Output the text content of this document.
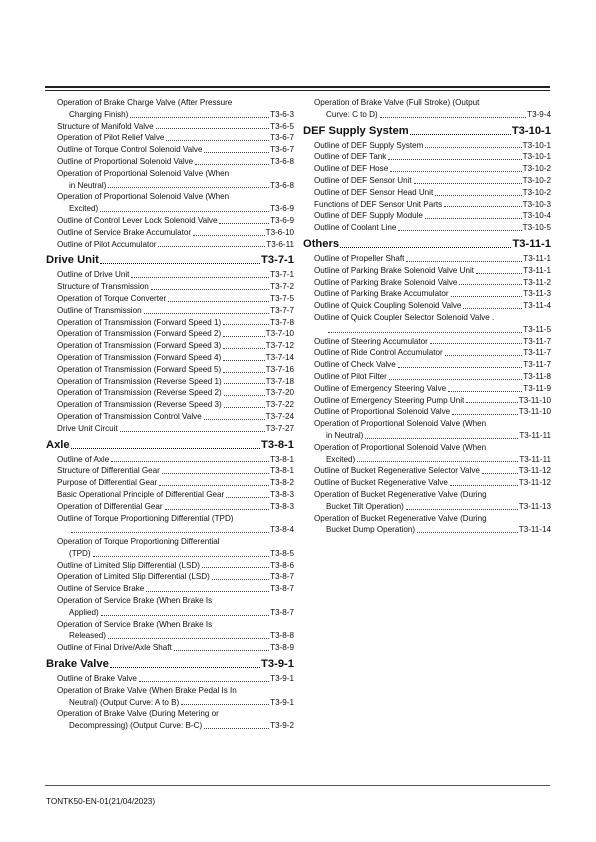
Operation of Brake Charge Valve (After Pressure
Charging Finish)	T3-6-3
Structure of Manifold Valve	T3-6-5
Operation of Pilot Relief Valve	T3-6-7
Outline of Torque Control Solenoid Valve	T3-6-7
Outline of Proportional Solenoid Valve	T3-6-8
Operation of Proportional Solenoid Valve (When
in Neutral)	T3-6-8
Operation of Proportional Solenoid Valve (When
Excited)	T3-6-9
Outline of Control Lever Lock Solenoid Valve	T3-6-9
Outline of Service Brake Accumulator	T3-6-10
Outline of Pilot Accumulator	T3-6-11
Drive Unit	T3-7-1
Outline of Drive Unit	T3-7-1
Structure of Transmission	T3-7-2
Operation of Torque Converter	T3-7-5
Outline of Transmission	T3-7-7
Operation of Transmission (Forward Speed 1)	T3-7-8
Operation of Transmission (Forward Speed 2)	T3-7-10
Operation of Transmission (Forward Speed 3)	T3-7-12
Operation of Transmission (Forward Speed 4)	T3-7-14
Operation of Transmission (Forward Speed 5)	T3-7-16
Operation of Transmission (Reverse Speed 1)	T3-7-18
Operation of Transmission (Reverse Speed 2)	T3-7-20
Operation of Transmission (Reverse Speed 3)	T3-7-22
Operation of Transmission Control Valve	T3-7-24
Drive Unit Circuit	T3-7-27
Axle	T3-8-1
Outline of Axle	T3-8-1
Structure of Differential Gear	T3-8-1
Purpose of Differential Gear	T3-8-2
Basic Operational Principle of Differential Gear	T3-8-3
Operation of Differential Gear	T3-8-3
Outline of Torque Proportioning Differential (TPD)
T3-8-4
Operation of Torque Proportioning Differential
(TPD)	T3-8-5
Outline of Limited Slip Differential (LSD)	T3-8-6
Operation of Limited Slip Differential (LSD)	T3-8-7
Outline of Service Brake	T3-8-7
Operation of Service Brake (When Brake Is
Applied)	T3-8-7
Operation of Service Brake (When Brake Is
Released)	T3-8-8
Outline of Final Drive/Axle Shaft	T3-8-9
Brake Valve	T3-9-1
Outline of Brake Valve	T3-9-1
Operation of Brake Valve (When Brake Pedal Is In
Neutral) (Output Curve: A to B)	T3-9-1
Operation of Brake Valve (During Metering or
Decompressing) (Output Curve: B-C)	T3-9-2
Operation of Brake Valve (Full Stroke) (Output
Curve: C to D)	T3-9-4
DEF Supply System	T3-10-1
Outline of DEF Supply System	T3-10-1
Outline of DEF Tank	T3-10-1
Outline of DEF Hose	T3-10-2
Outline of DEF Sensor Unit	T3-10-2
Outline of DEF Sensor Head Unit	T3-10-2
Functions of DEF Sensor Unit Parts	T3-10-3
Outline of DEF Supply Module	T3-10-4
Outline of Coolant Line	T3-10-5
Others	T3-11-1
Outline of Propeller Shaft	T3-11-1
Outline of Parking Brake Solenoid Valve Unit	T3-11-1
Outline of Parking Brake Solenoid Valve	T3-11-2
Outline of Parking Brake Accumulator	T3-11-3
Outline of Quick Coupling Solenoid Valve	T3-11-4
Outline of Quick Coupler Selector Solenoid Valve .
T3-11-5
Outline of Steering Accumulator	T3-11-7
Outline of Ride Control Accumulator	T3-11-7
Outline of Check Valve	T3-11-7
Outline of Pilot Filter	T3-11-8
Outline of Emergency Steering Valve	T3-11-9
Outline of Emergency Steering Pump Unit	T3-11-10
Outline of Proportional Solenoid Valve	T3-11-10
Operation of Proportional Solenoid Valve (When
in Neutral)	T3-11-11
Operation of Proportional Solenoid Valve (When
Excited)	T3-11-11
Outline of Bucket Regenerative Selector Valve	T3-11-12
Outline of Bucket Regenerative Valve	T3-11-12
Operation of Bucket Regenerative Valve (During
Bucket Tilt Operation)	T3-11-13
Operation of Bucket Regenerative Valve (During
Bucket Dump Operation)	T3-11-14
TONTK50-EN-01(21/04/2023)
